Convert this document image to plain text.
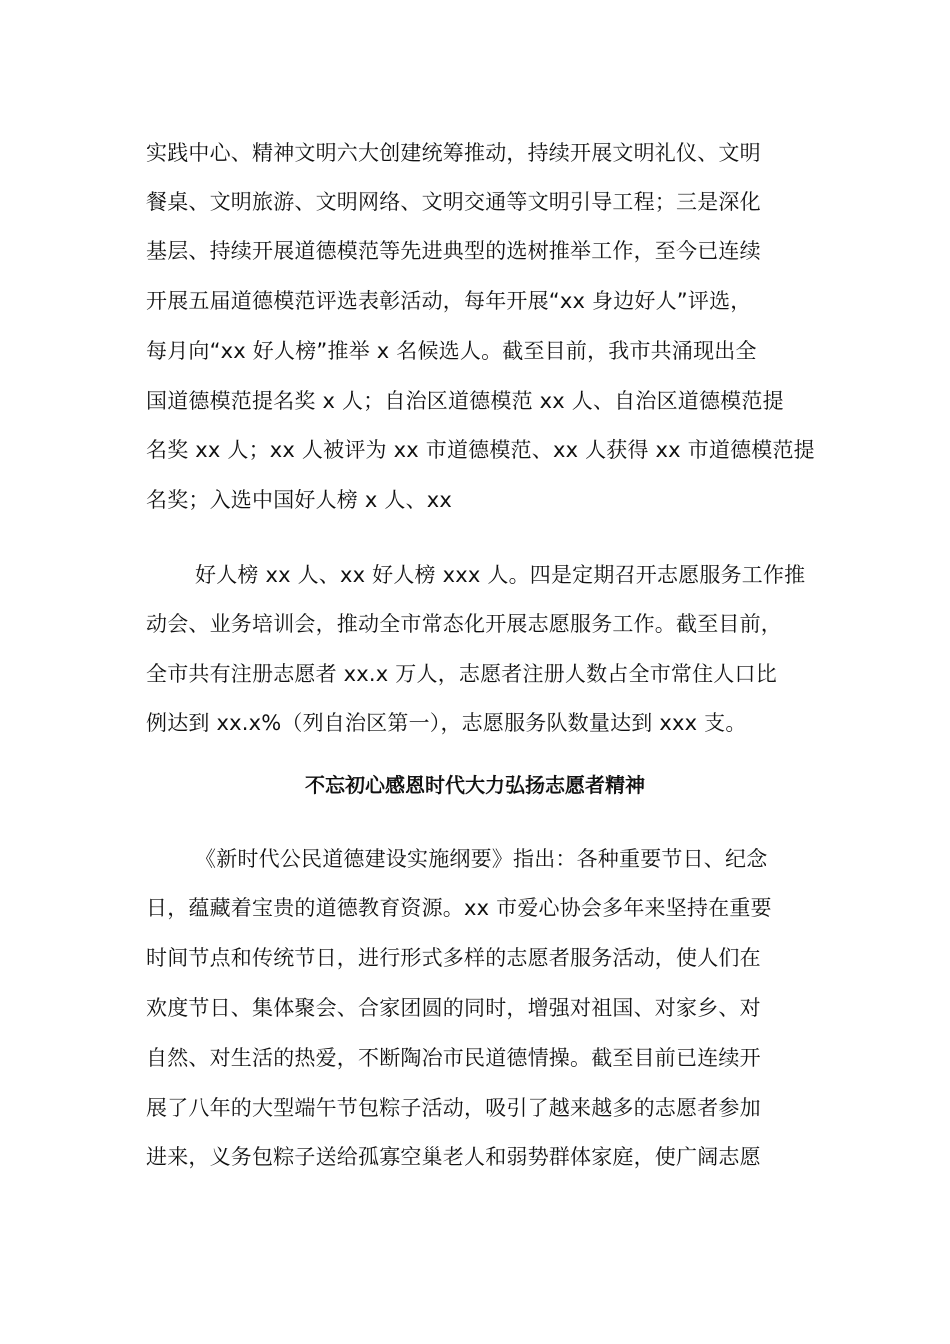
实践中心、精神文明六大创建统筹推动，持续开展文明礼仪、文明
餐桌、文明旅游、文明网络、文明交通等文明引导工程；三是深化
基层、持续开展道德模范等先进典型的选树推举工作，至今已连续
开展五届道德模范评选表彰活动，每年开展“xx 身边好人”评选，
每月向“xx 好人榜”推举 x 名候选人。截至目前，我市共涌现出全
国道德模范提名奖 x 人；自治区道德模范 xx 人、自治区道德模范提
名奖 xx 人；xx 人被评为 xx 市道德模范、xx 人获得 xx 市道德模范提
名奖；入选中国好人榜 x 人、xx
好人榜 xx 人、xx 好人榜 xxx 人。四是定期召开志愿服务工作推
动会、业务培训会，推动全市常态化开展志愿服务工作。截至目前，
全市共有注册志愿者 xx.x 万人，志愿者注册人数占全市常住人口比
例达到 xx.x%（列自治区第一），志愿服务队数量达到 xxx 支。
不忘初心感恩时代大力弘扬志愿者精神
《新时代公民道德建设实施纲要》指出：各种重要节日、纪念
日，蕴藏着宝贵的道德教育资源。xx 市爱心协会多年来坚持在重要
时间节点和传统节日，进行形式多样的志愿者服务活动，使人们在
欢度节日、集体聚会、合家团圆的同时，增强对祖国、对家乡、对
自然、对生活的热爱，不断陶冶市民道德情操。截至目前已连续开
展了八年的大型端午节包粽子活动，吸引了越来越多的志愿者参加
进来，义务包粽子送给孤寡空巢老人和弱势群体家庭，使广阔志愿
